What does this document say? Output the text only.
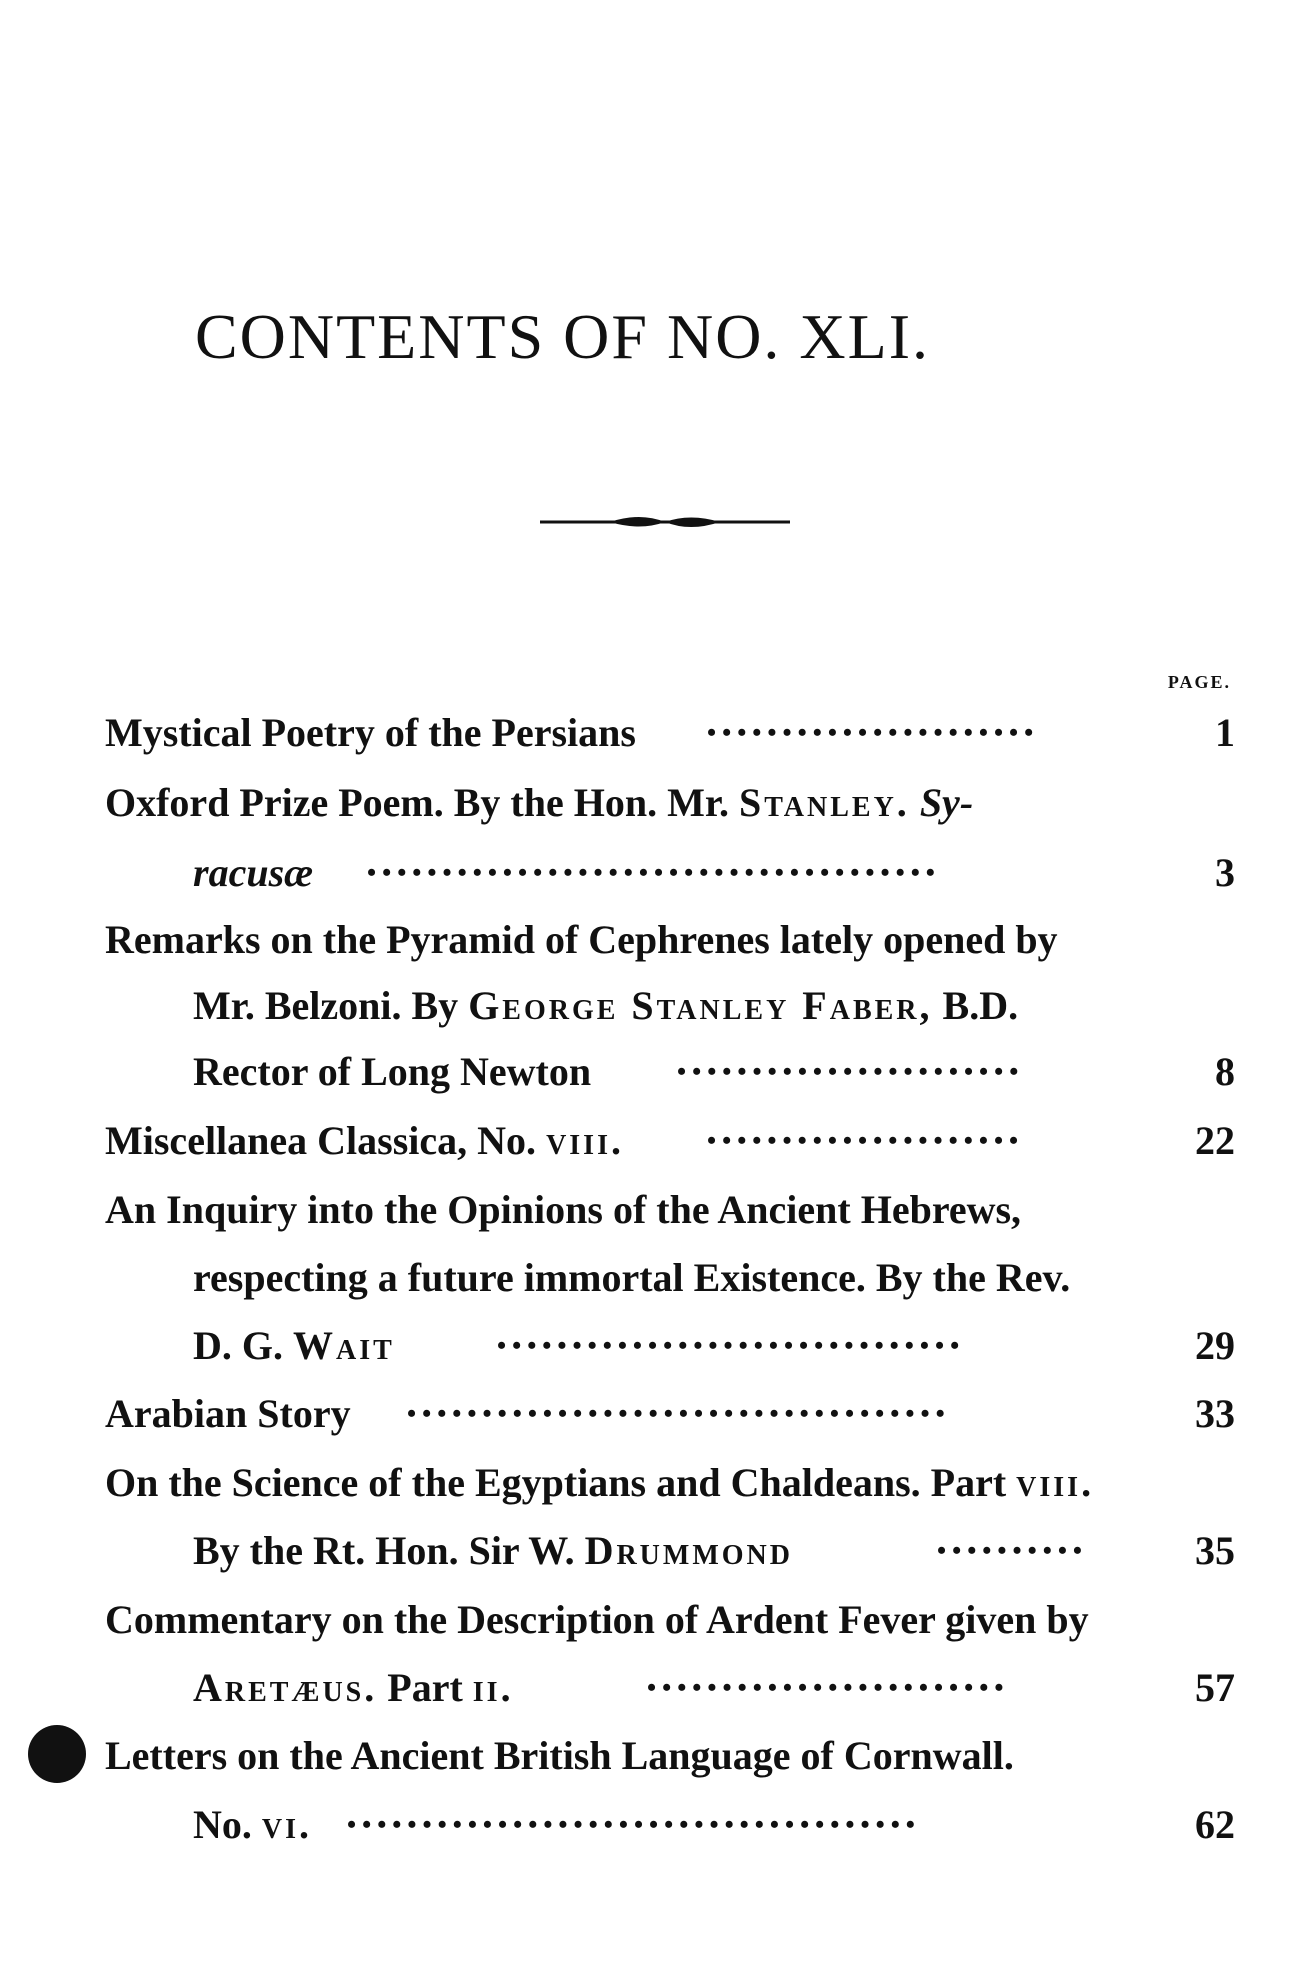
CONTENTS OF NO. XLI.
PAGE.
Mystical Poetry of the Persians	••••••••••••••••••••••	1
Oxford Prize Poem. By the Hon. Mr. Stanley. Sy-
racusæ ••••••••••••••••••••••••••••••••••••••	3
Remarks on the Pyramid of Cephrenes lately opened by
Mr. Belzoni. By George Stanley Faber, B.D.
Rector of Long Newton	•••••••••••••••••••••••	8
Miscellanea Classica, No. viii.	•••••••••••••••••••••	22
An Inquiry into the Opinions of the Ancient Hebrews,
respecting a future immortal Existence. By the Rev.
D. G. Wait	•••••••••••••••••••••••••••••••	29
Arabian Story ••••••••••••••••••••••••••••••••••••	33
On the Science of the Egyptians and Chaldeans. Part viii.
By the Rt. Hon. Sir W. Drummond	••••••••••	35
Commentary on the Description of Ardent Fever given by
Aretæus. Part ii.	••••••••••••••••••••••••	57
Letters on the Ancient British Language of Cornwall.
No. vi. ••••••••••••••••••••••••••••••••••••••	62
